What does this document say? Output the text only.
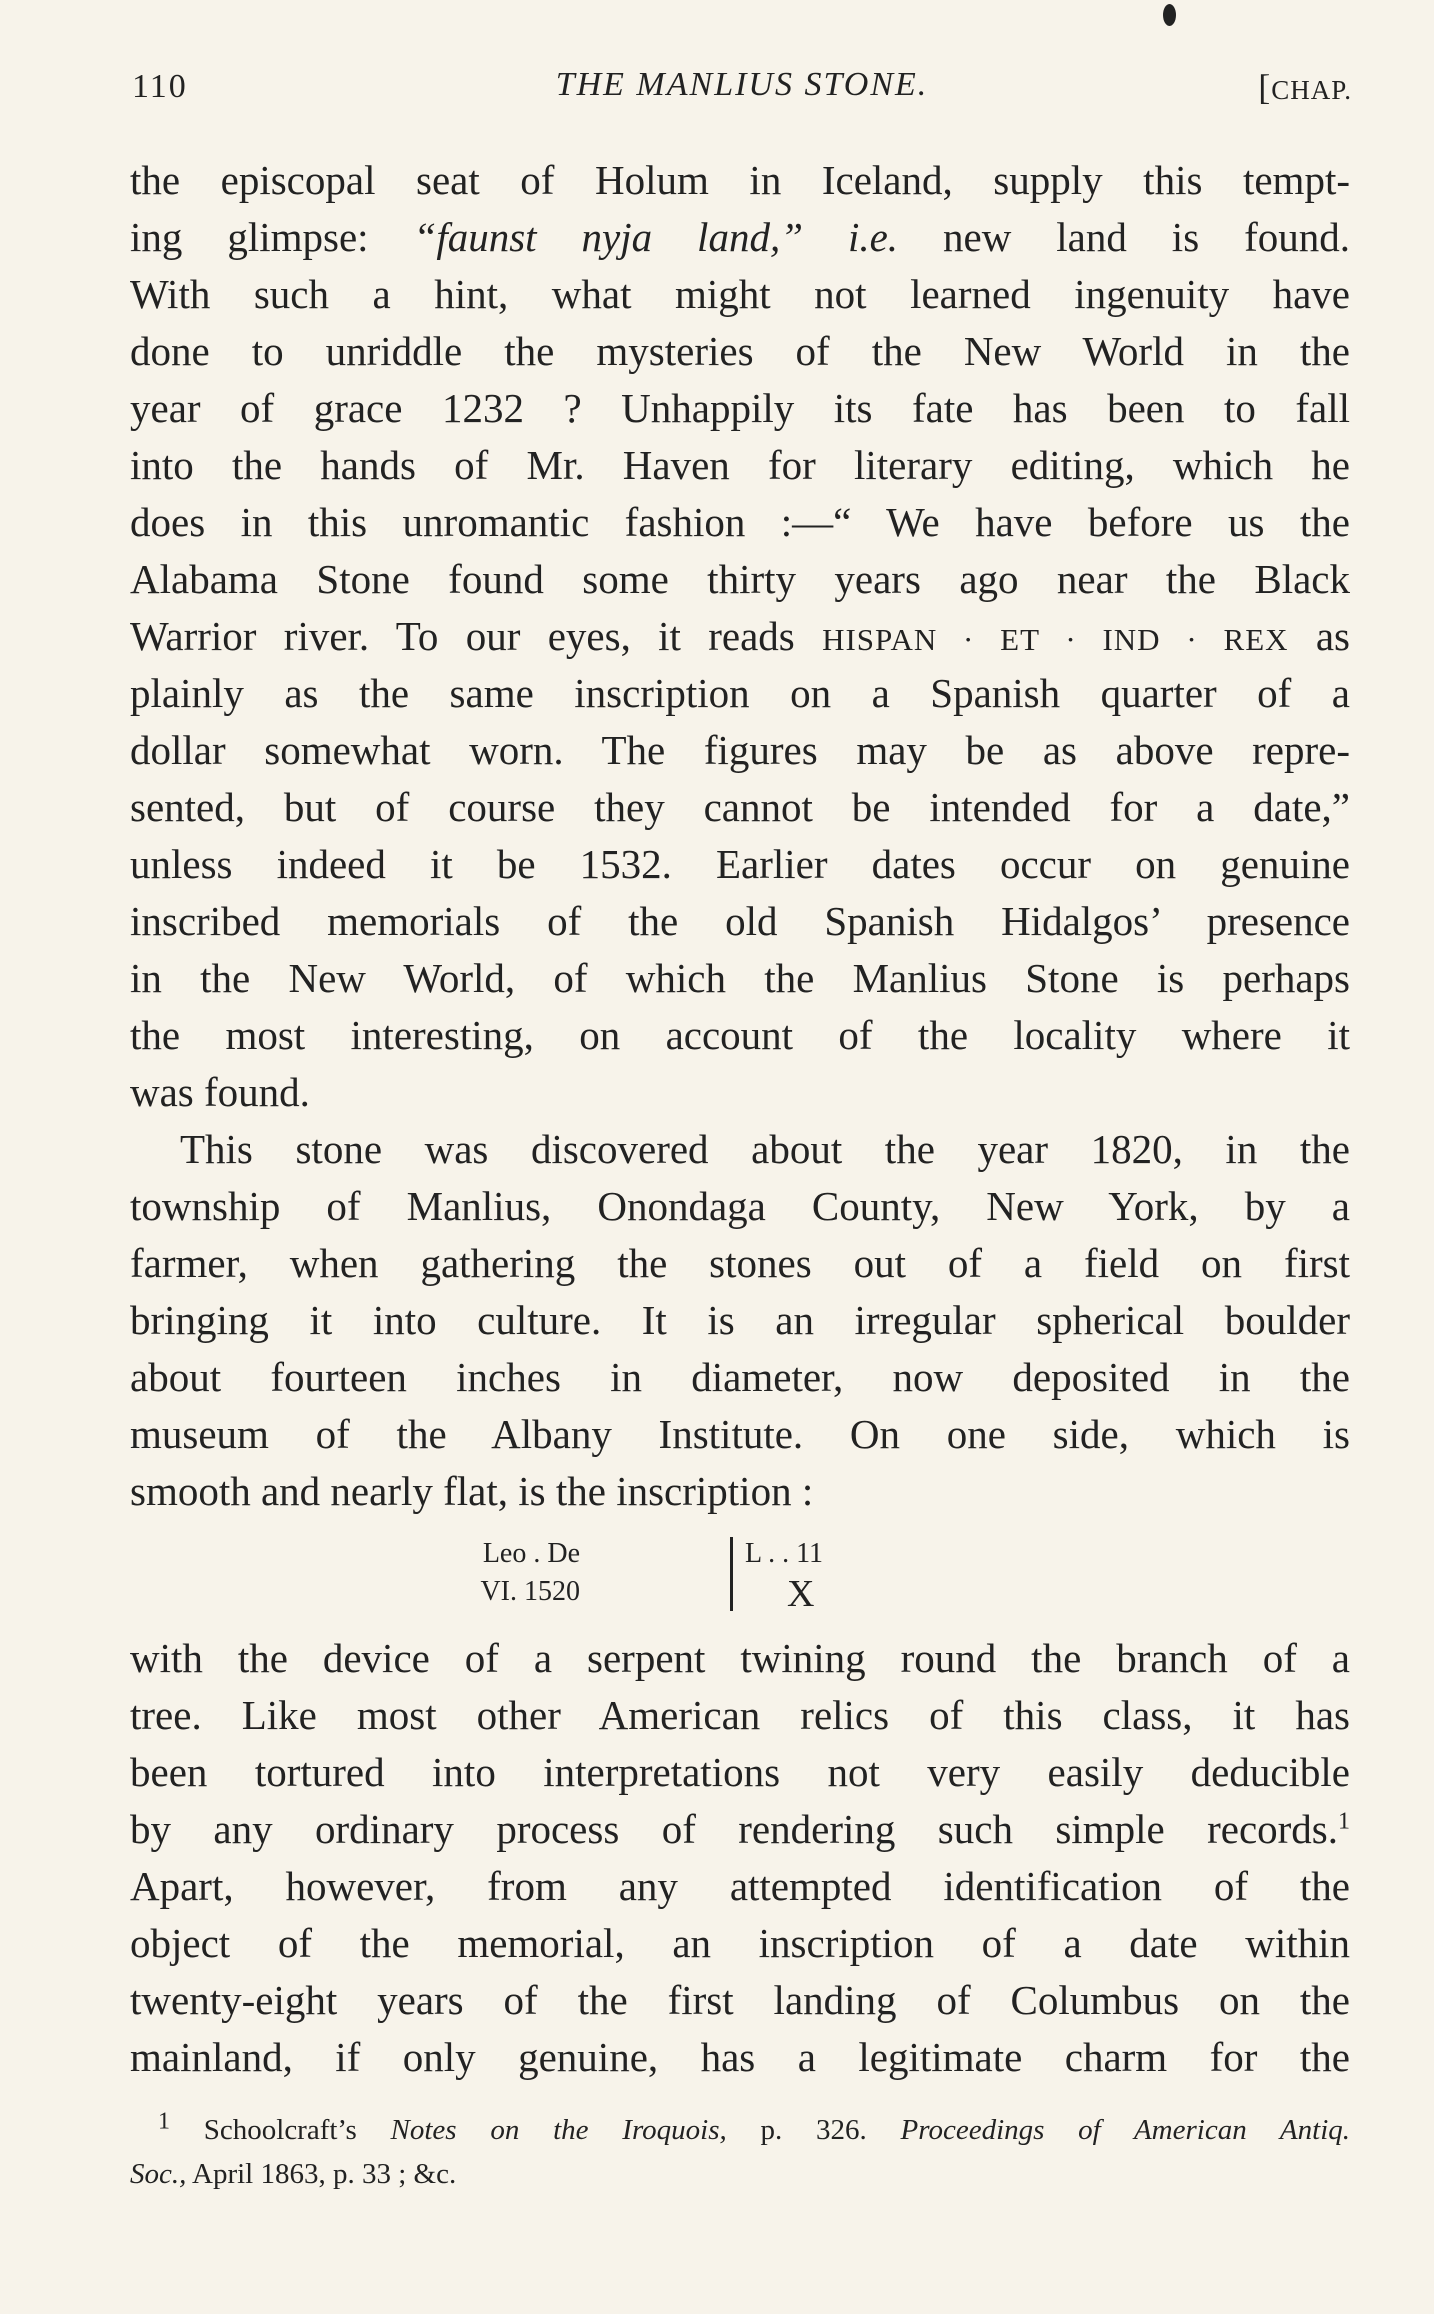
110	THE MANLIUS STONE.	[CHAP.
the episcopal seat of Holum in Iceland, supply this tempt-
ing glimpse: “faunst nyja land,” i.e. new land is found.
With such a hint, what might not learned ingenuity have
done to unriddle the mysteries of the New World in the
year of grace 1232 ? Unhappily its fate has been to fall
into the hands of Mr. Haven for literary editing, which he
does in this unromantic fashion :—“ We have before us the
Alabama Stone found some thirty years ago near the Black
Warrior river. To our eyes, it reads HISPAN · ET · IND · REX as
plainly as the same inscription on a Spanish quarter of a
dollar somewhat worn. The figures may be as above repre-
sented, but of course they cannot be intended for a date,”
unless indeed it be 1532. Earlier dates occur on genuine
inscribed memorials of the old Spanish Hidalgos’ presence
in the New World, of which the Manlius Stone is perhaps
the most interesting, on account of the locality where it
was found.
This stone was discovered about the year 1820, in the
township of Manlius, Onondaga County, New York, by a
farmer, when gathering the stones out of a field on first
bringing it into culture. It is an irregular spherical boulder
about fourteen inches in diameter, now deposited in the
museum of the Albany Institute. On one side, which is
smooth and nearly flat, is the inscription :
Leo . De
VI. 1520
L . . 11
X
with the device of a serpent twining round the branch of a
tree. Like most other American relics of this class, it has
been tortured into interpretations not very easily deducible
by any ordinary process of rendering such simple records.$^1$
Apart, however, from any attempted identification of the
object of the memorial, an inscription of a date within
twenty-eight years of the first landing of Columbus on the
mainland, if only genuine, has a legitimate charm for the
$^1$ Schoolcraft’s Notes on the Iroquois, p. 326. Proceedings of American Antiq.
Soc., April 1863, p. 33 ; &c.
